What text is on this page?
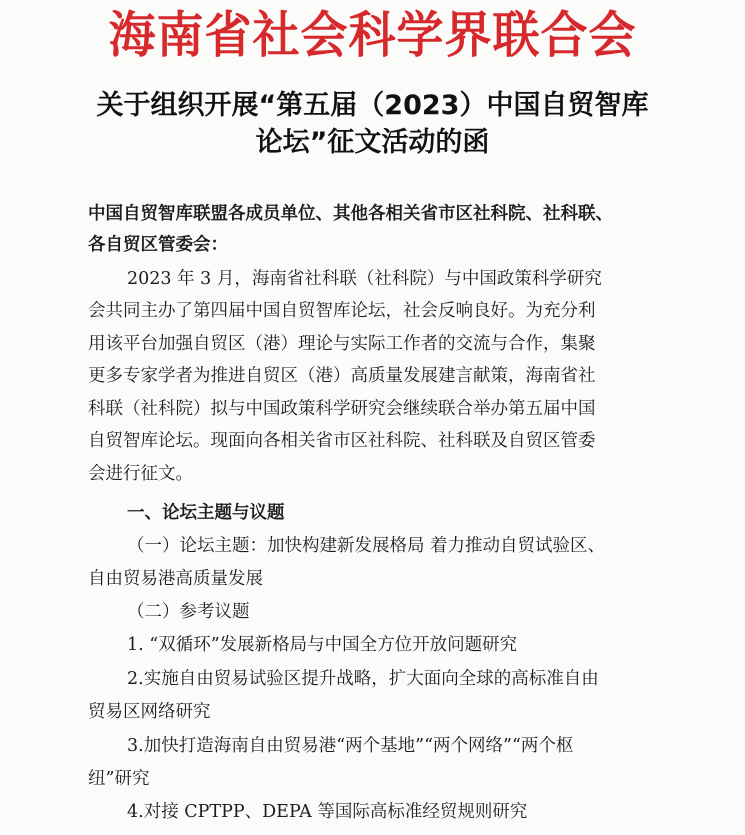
海南省社会科学界联合会
关于组织开展“第五届（2023）中国自贸智库
论坛”征文活动的函
中国自贸智库联盟各成员单位、其他各相关省市区社科院、社科联、
各自贸区管委会：
2023 年 3 月，海南省社科联（社科院）与中国政策科学研究
会共同主办了第四届中国自贸智库论坛，社会反响良好。为充分利
用该平台加强自贸区（港）理论与实际工作者的交流与合作，集聚
更多专家学者为推进自贸区（港）高质量发展建言献策，海南省社
科联（社科院）拟与中国政策科学研究会继续联合举办第五届中国
自贸智库论坛。现面向各相关省市区社科院、社科联及自贸区管委
会进行征文。
一、论坛主题与议题
（一）论坛主题：加快构建新发展格局 着力推动自贸试验区、
自由贸易港高质量发展
（二）参考议题
1. “双循环”发展新格局与中国全方位开放问题研究
2.实施自由贸易试验区提升战略，扩大面向全球的高标准自由
贸易区网络研究
3.加快打造海南自由贸易港“两个基地”“两个网络”“两个枢
纽”研究
4.对接 CPTPP、DEPA 等国际高标准经贸规则研究
